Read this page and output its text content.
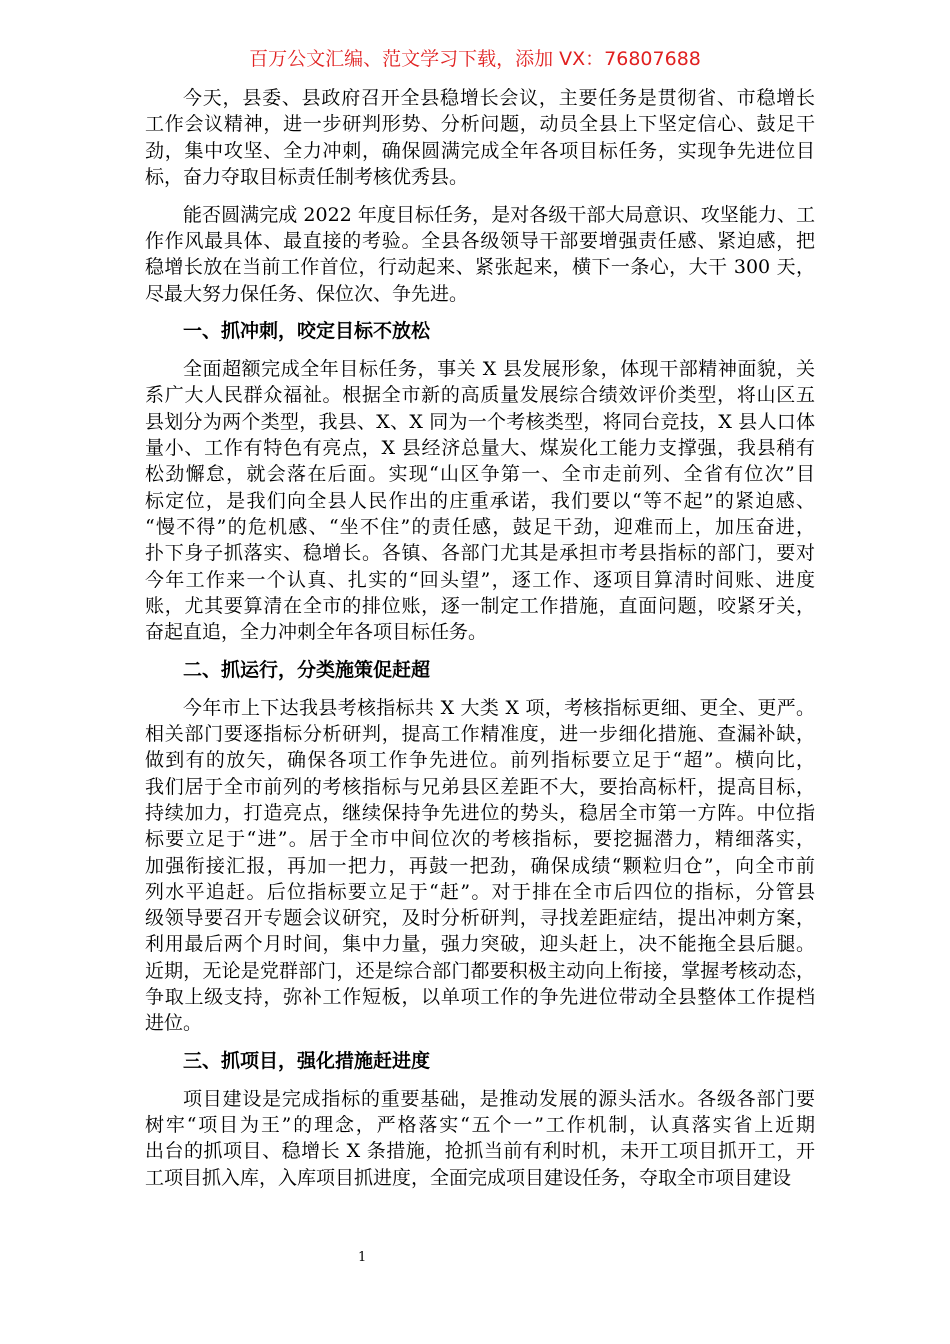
百万公文汇编、范文学习下载，添加 VX：76807688
今天，县委、县政府召开全县稳增长会议，主要任务是贯彻省、市稳增长
工作会议精神，进一步研判形势、分析问题，动员全县上下坚定信心、鼓足干
劲，集中攻坚、全力冲刺，确保圆满完成全年各项目标任务，实现争先进位目
标，奋力夺取目标责任制考核优秀县。
能否圆满完成 2022 年度目标任务，是对各级干部大局意识、攻坚能力、工
作作风最具体、最直接的考验。全县各级领导干部要增强责任感、紧迫感，把
稳增长放在当前工作首位，行动起来、紧张起来，横下一条心，大干 300 天，
尽最大努力保任务、保位次、争先进。
一、抓冲刺，咬定目标不放松
全面超额完成全年目标任务，事关 X 县发展形象，体现干部精神面貌，关
系广大人民群众福祉。根据全市新的高质量发展综合绩效评价类型，将山区五
县划分为两个类型，我县、X、X 同为一个考核类型，将同台竞技，X 县人口体
量小、工作有特色有亮点，X 县经济总量大、煤炭化工能力支撑强，我县稍有
松劲懈怠，就会落在后面。实现“山区争第一、全市走前列、全省有位次”目
标定位，是我们向全县人民作出的庄重承诺，我们要以“等不起”的紧迫感、
“慢不得”的危机感、“坐不住”的责任感，鼓足干劲，迎难而上，加压奋进，
扑下身子抓落实、稳增长。各镇、各部门尤其是承担市考县指标的部门，要对
今年工作来一个认真、扎实的“回头望”，逐工作、逐项目算清时间账、进度
账，尤其要算清在全市的排位账，逐一制定工作措施，直面问题，咬紧牙关，
奋起直追，全力冲刺全年各项目标任务。
二、抓运行，分类施策促赶超
今年市上下达我县考核指标共 X 大类 X 项，考核指标更细、更全、更严。
相关部门要逐指标分析研判，提高工作精准度，进一步细化措施、查漏补缺，
做到有的放矢，确保各项工作争先进位。前列指标要立足于“超”。横向比，
我们居于全市前列的考核指标与兄弟县区差距不大，要抬高标杆，提高目标，
持续加力，打造亮点，继续保持争先进位的势头，稳居全市第一方阵。中位指
标要立足于“进”。居于全市中间位次的考核指标，要挖掘潜力，精细落实，
加强衔接汇报，再加一把力，再鼓一把劲，确保成绩“颗粒归仓”，向全市前
列水平追赶。后位指标要立足于“赶”。对于排在全市后四位的指标，分管县
级领导要召开专题会议研究，及时分析研判，寻找差距症结，提出冲刺方案，
利用最后两个月时间，集中力量，强力突破，迎头赶上，决不能拖全县后腿。
近期，无论是党群部门，还是综合部门都要积极主动向上衔接，掌握考核动态，
争取上级支持，弥补工作短板，以单项工作的争先进位带动全县整体工作提档
进位。
三、抓项目，强化措施赶进度
项目建设是完成指标的重要基础，是推动发展的源头活水。各级各部门要
树牢“项目为王”的理念，严格落实“五个一”工作机制，认真落实省上近期
出台的抓项目、稳增长 X 条措施，抢抓当前有利时机，未开工项目抓开工，开
工项目抓入库，入库项目抓进度，全面完成项目建设任务，夺取全市项目建设
1
